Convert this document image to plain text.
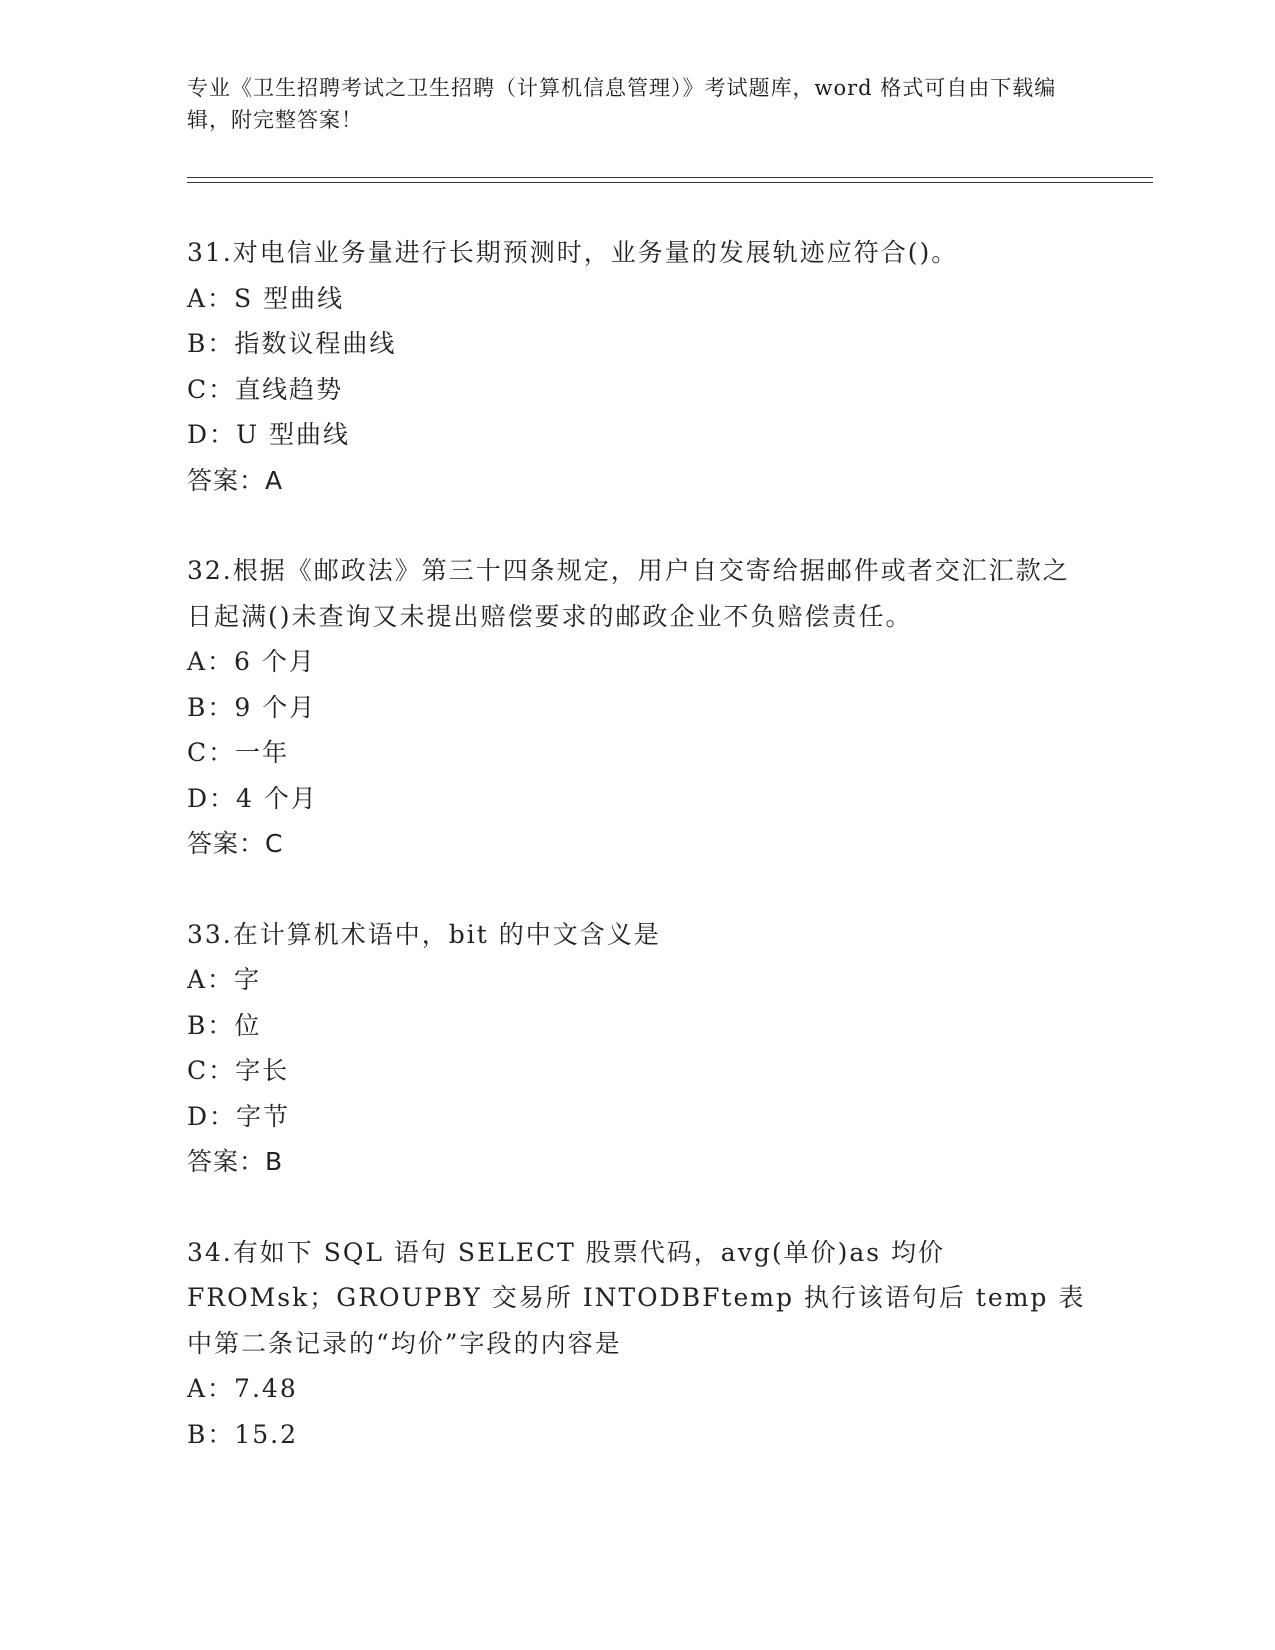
专业《卫生招聘考试之卫生招聘（计算机信息管理）》考试题库，word 格式可自由下载编辑，附完整答案！
31.对电信业务量进行长期预测时，业务量的发展轨迹应符合()。
A：S 型曲线
B：指数议程曲线
C：直线趋势
D：U 型曲线
答案：A
32.根据《邮政法》第三十四条规定，用户自交寄给据邮件或者交汇汇款之日起满()未查询又未提出赔偿要求的邮政企业不负赔偿责任。
A：6 个月
B：9 个月
C：一年
D：4 个月
答案：C
33.在计算机术语中，bit 的中文含义是
A：字
B：位
C：字长
D：字节
答案：B
34.有如下 SQL 语句 SELECT 股票代码，avg(单价)as 均价 FROMsk；GROUPBY 交易所 INTODBFtemp 执行该语句后 temp 表中第二条记录的“均价”字段的内容是
A：7.48
B：15.2
